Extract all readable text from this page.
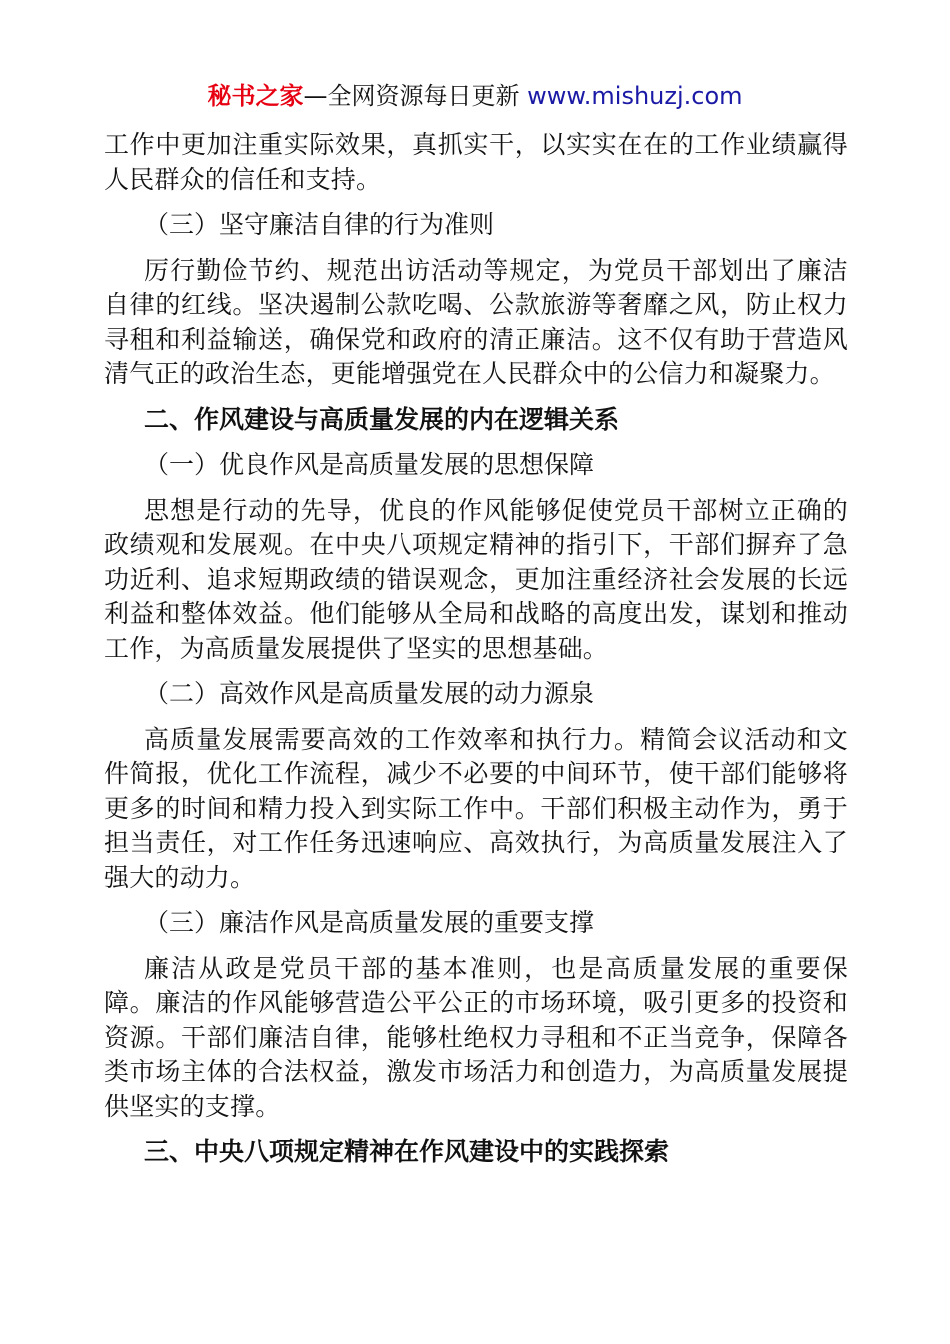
秘书之家—全网资源每日更新 www.mishuzj.com

工作中更加注重实际效果，真抓实干，以实实在在的工作业绩赢得人民群众的信任和支持。

（三）坚守廉洁自律的行为准则

厉行勤俭节约、规范出访活动等规定，为党员干部划出了廉洁自律的红线。坚决遏制公款吃喝、公款旅游等奢靡之风，防止权力寻租和利益输送，确保党和政府的清正廉洁。这不仅有助于营造风清气正的政治生态，更能增强党在人民群众中的公信力和凝聚力。

二、作风建设与高质量发展的内在逻辑关系

（一）优良作风是高质量发展的思想保障

思想是行动的先导，优良的作风能够促使党员干部树立正确的政绩观和发展观。在中央八项规定精神的指引下，干部们摒弃了急功近利、追求短期政绩的错误观念，更加注重经济社会发展的长远利益和整体效益。他们能够从全局和战略的高度出发，谋划和推动工作，为高质量发展提供了坚实的思想基础。

（二）高效作风是高质量发展的动力源泉

高质量发展需要高效的工作效率和执行力。精简会议活动和文件简报，优化工作流程，减少不必要的中间环节，使干部们能够将更多的时间和精力投入到实际工作中。干部们积极主动作为，勇于担当责任，对工作任务迅速响应、高效执行，为高质量发展注入了强大的动力。

（三）廉洁作风是高质量发展的重要支撑

廉洁从政是党员干部的基本准则，也是高质量发展的重要保障。廉洁的作风能够营造公平公正的市场环境，吸引更多的投资和资源。干部们廉洁自律，能够杜绝权力寻租和不正当竞争，保障各类市场主体的合法权益，激发市场活力和创造力，为高质量发展提供坚实的支撑。

三、中央八项规定精神在作风建设中的实践探索
